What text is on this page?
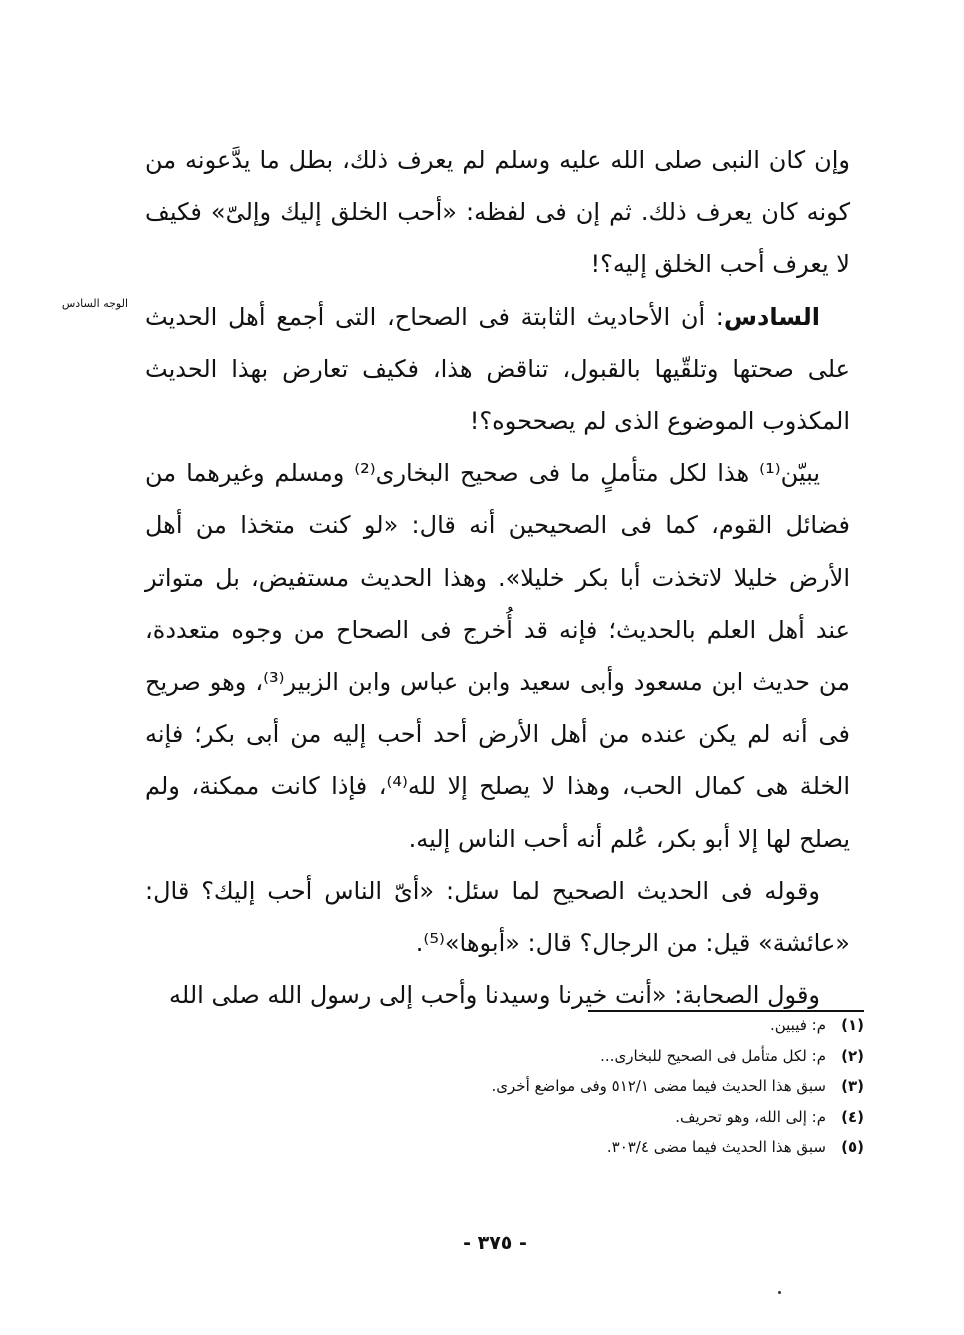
وإن كان النبى صلى الله عليه وسلم لم يعرف ذلك، بطل ما يدَّعونه من كونه كان يعرف ذلك. ثم إن فى لفظه: «أحب الخلق إليك وإلىّ» فكيف لا يعرف أحب الخلق إليه؟!

السادس: أن الأحاديث الثابتة فى الصحاح، التى أجمع أهل الحديث على صحتها وتلقّيها بالقبول، تناقض هذا، فكيف تعارض بهذا الحديث المكذوب الموضوع الذى لم يصححوه؟!

يبيّن⁽¹⁾ هذا لكل متأملٍ ما فى صحيح البخارى⁽²⁾ ومسلم وغيرهما من فضائل القوم، كما فى الصحيحين أنه قال: «لو كنت متخذا من أهل الأرض خليلا لاتخذت أبا بكر خليلا». وهذا الحديث مستفيض، بل متواتر عند أهل العلم بالحديث؛ فإنه قد أُخرج فى الصحاح من وجوه متعددة، من حديث ابن مسعود وأبى سعيد وابن عباس وابن الزبير⁽³⁾، وهو صريح فى أنه لم يكن عنده من أهل الأرض أحد أحب إليه من أبى بكر؛ فإنه الخلة هى كمال الحب، وهذا لا يصلح إلا لله⁽⁴⁾، فإذا كانت ممكنة، ولم يصلح لها إلا أبو بكر، عُلم أنه أحب الناس إليه.

وقوله فى الحديث الصحيح لما سئل: «أىّ الناس أحب إليك؟ قال: «عائشة» قيل: من الرجال؟ قال: «أبوها»⁽⁵⁾.

وقول الصحابة: «أنت خيرنا وسيدنا وأحب إلى رسول الله صلى الله

الوجه السادس

(١)م: فيبين.

(٢)م: لكل متأمل فى الصحيح للبخارى...

(٣)سبق هذا الحديث فيما مضى ٥١٢/١ وفى مواضع أخرى.

(٤)م: إلى الله، وهو تحريف.

(٥)سبق هذا الحديث فيما مضى ٣٠٣/٤.

- ٣٧٥ -
